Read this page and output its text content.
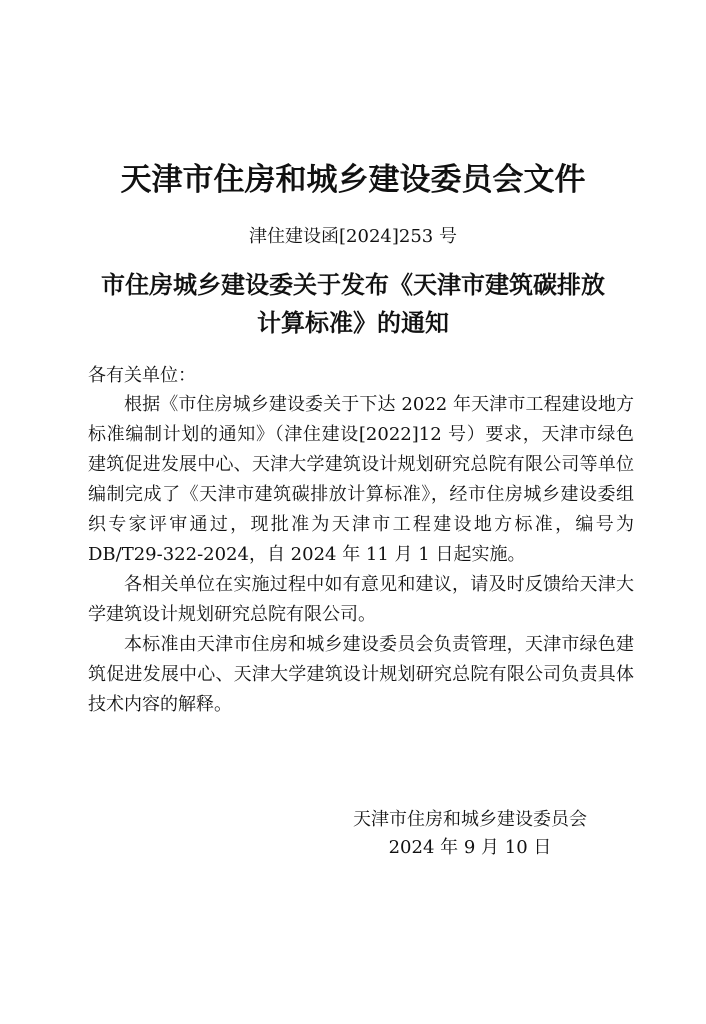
天津市住房和城乡建设委员会文件
津住建设函[2024]253 号
市住房城乡建设委关于发布《天津市建筑碳排放
计算标准》的通知
各有关单位：

根据《市住房城乡建设委关于下达 2022 年天津市工程建设地方标准编制计划的通知》（津住建设[2022]12 号）要求，天津市绿色建筑促进发展中心、天津大学建筑设计规划研究总院有限公司等单位编制完成了《天津市建筑碳排放计算标准》，经市住房城乡建设委组织专家评审通过，现批准为天津市工程建设地方标准，编号为 DB/T29-322-2024，自 2024 年 11 月 1 日起实施。

各相关单位在实施过程中如有意见和建议，请及时反馈给天津大学建筑设计规划研究总院有限公司。

本标准由天津市住房和城乡建设委员会负责管理，天津市绿色建筑促进发展中心、天津大学建筑设计规划研究总院有限公司负责具体技术内容的解释。

天津市住房和城乡建设委员会
2024 年 9 月 10 日
